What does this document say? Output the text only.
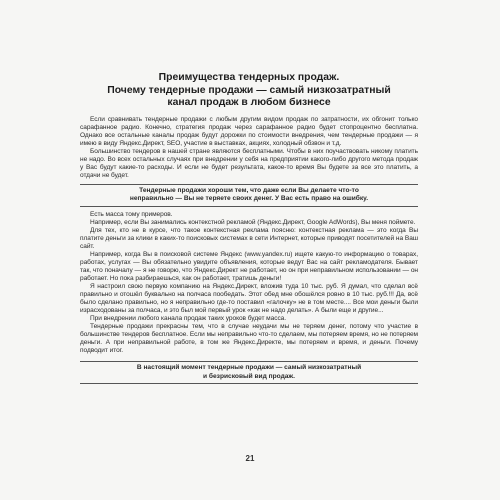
Преимущества тендерных продаж.
Почему тендерные продажи — самый низкозатратный
канал продаж в любом бизнесе

Если сравнивать тендерные продажи с любым другим видом продаж по затратности, их обгонит только сарафанное радио. Конечно, стратегия продаж через сарафанное радио будет стопроцентно бесплатна. Однако все остальные каналы продаж будут дорожки по стоимости внедрения, чем тендерные продажи — я имею в виду Яндекс.Директ, SEO, участие в выставках, акциях, холодный обзвон и т.д.

Большинство тендеров в нашей стране являются бесплатными. Чтобы в них поучаствовать никому платить не надо. Во всех остальных случаях при внедрении у себя на предприятии какого-либо другого метода продаж у Вас будут какие-то расходы. И если не будет результата, какое-то время Вы будете за все это платить, а отдачи не будет.

Тендерные продажи хороши тем, что даже если Вы делаете что-то
неправильно — Вы не теряете своих денег. У Вас есть право на ошибку.

Есть масса тому примеров.

Например, если Вы занимались контекстной рекламой (Яндекс.Директ, Google AdWords), Вы меня поймете.

Для тех, кто не в курсе, что такое контекстная реклама поясню: контекстная реклама — это когда Вы платите деньги за клики в каких-то поисковых системах в сети Интернет, которые приводят посетителей на Ваш сайт.

Например, когда Вы в поисковой системе Яндекс (www.yandex.ru) ищете какую-то информацию о товарах, работах, услугах — Вы обязательно увидите объявления, которые ведут Вас на сайт рекламодателя. Бывает так, что поначалу — я не говорю, что Яндекс.Директ не работает, но он при неправильном использовании — он работает. Но пока разбираешься, как он работает, тратишь деньги!

Я настроил свою первую компанию на Яндекс.Директ, вложив туда 10 тыс. руб. Я думал, что сделал всё правильно и отошёл буквально на полчаса пообедать. Этот обед мне обошёлся ровно в 10 тыс. руб.!!! Да, всё было сделано правильно, но я неправильно где-то поставил «галочку» не в том месте.... Все мои деньги были израсходованы за полчаса, и это был мой первый урок «как не надо делать». А были еще и другие...

При внедрении любого канала продаж таких уроков будет масса.

Тендерные продажи прекрасны тем, что в случае неудачи мы не теряем денег, потому что участие в большинстве тендеров бесплатное. Если мы неправильно что-то сделаем, мы потеряем время, но не потеряем деньги. А при неправильной работе, в том же Яндекс.Директе, мы потеряем и время, и деньги. Почему подводит итог.

В настоящий момент тендерные продажи — самый низкозатратный
и безрисковый вид продаж.
21
